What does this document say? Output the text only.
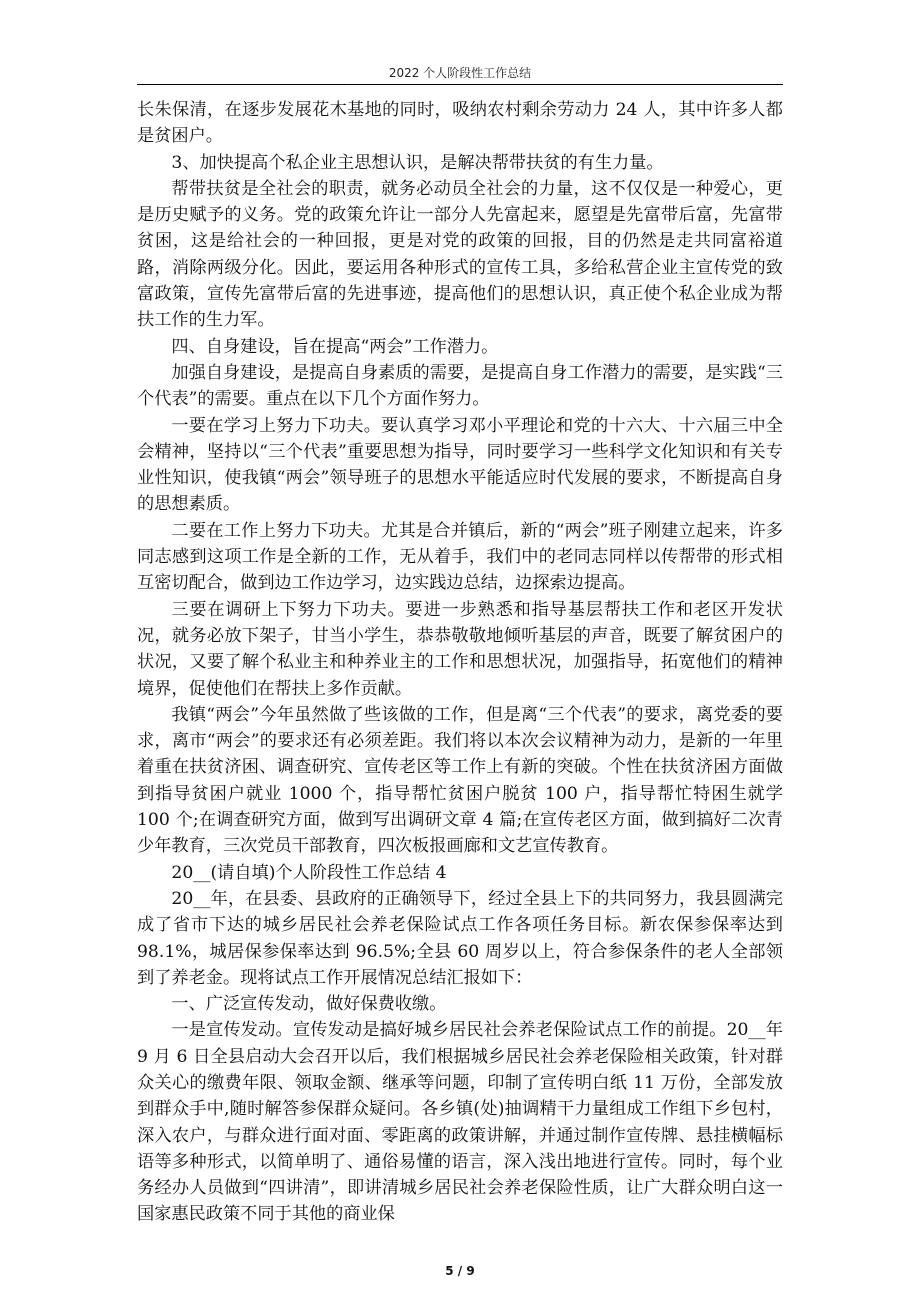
2022 个人阶段性工作总结

长朱保清，在逐步发展花木基地的同时，吸纳农村剩余劳动力 24 人，其中许多人都是贫困户。

3、加快提高个私企业主思想认识，是解决帮带扶贫的有生力量。

帮带扶贫是全社会的职责，就务必动员全社会的力量，这不仅仅是一种爱心，更是历史赋予的义务。党的政策允许让一部分人先富起来，愿望是先富带后富，先富带贫困，这是给社会的一种回报，更是对党的政策的回报，目的仍然是走共同富裕道路，消除两级分化。因此，要运用各种形式的宣传工具，多给私营企业主宣传党的致富政策，宣传先富带后富的先进事迹，提高他们的思想认识，真正使个私企业成为帮扶工作的生力军。

四、自身建设，旨在提高“两会”工作潜力。

加强自身建设，是提高自身素质的需要，是提高自身工作潜力的需要，是实践“三个代表”的需要。重点在以下几个方面作努力。

一要在学习上努力下功夫。要认真学习邓小平理论和党的十六大、十六届三中全会精神，坚持以“三个代表”重要思想为指导，同时要学习一些科学文化知识和有关专业性知识，使我镇“两会”领导班子的思想水平能适应时代发展的要求，不断提高自身的思想素质。

二要在工作上努力下功夫。尤其是合并镇后，新的“两会”班子刚建立起来，许多同志感到这项工作是全新的工作，无从着手，我们中的老同志同样以传帮带的形式相互密切配合，做到边工作边学习，边实践边总结，边探索边提高。

三要在调研上下努力下功夫。要进一步熟悉和指导基层帮扶工作和老区开发状况，就务必放下架子，甘当小学生，恭恭敬敬地倾听基层的声音，既要了解贫困户的状况，又要了解个私业主和种养业主的工作和思想状况，加强指导，拓宽他们的精神境界，促使他们在帮扶上多作贡献。

我镇“两会”今年虽然做了些该做的工作，但是离“三个代表”的要求，离党委的要求，离市“两会”的要求还有必须差距。我们将以本次会议精神为动力，是新的一年里着重在扶贫济困、调查研究、宣传老区等工作上有新的突破。个性在扶贫济困方面做到指导贫困户就业 1000 个，指导帮忙贫困户脱贫 100 户，指导帮忙特困生就学 100 个;在调查研究方面，做到写出调研文章 4 篇;在宣传老区方面，做到搞好二次青少年教育，三次党员干部教育，四次板报画廊和文艺宣传教育。

20__(请自填)个人阶段性工作总结 4

20__年，在县委、县政府的正确领导下，经过全县上下的共同努力，我县圆满完成了省市下达的城乡居民社会养老保险试点工作各项任务目标。新农保参保率达到 98.1%，城居保参保率达到 96.5%;全县 60 周岁以上，符合参保条件的老人全部领到了养老金。现将试点工作开展情况总结汇报如下：

一、广泛宣传发动，做好保费收缴。

一是宣传发动。宣传发动是搞好城乡居民社会养老保险试点工作的前提。20__年 9 月 6 日全县启动大会召开以后，我们根据城乡居民社会养老保险相关政策，针对群众关心的缴费年限、领取金额、继承等问题，印制了宣传明白纸 11 万份，全部发放到群众手中,随时解答参保群众疑问。各乡镇(处)抽调精干力量组成工作组下乡包村，深入农户，与群众进行面对面、零距离的政策讲解，并通过制作宣传牌、悬挂横幅标语等多种形式，以简单明了、通俗易懂的语言，深入浅出地进行宣传。同时，每个业务经办人员做到“四讲清”，即讲清城乡居民社会养老保险性质，让广大群众明白这一国家惠民政策不同于其他的商业保

5 / 9
